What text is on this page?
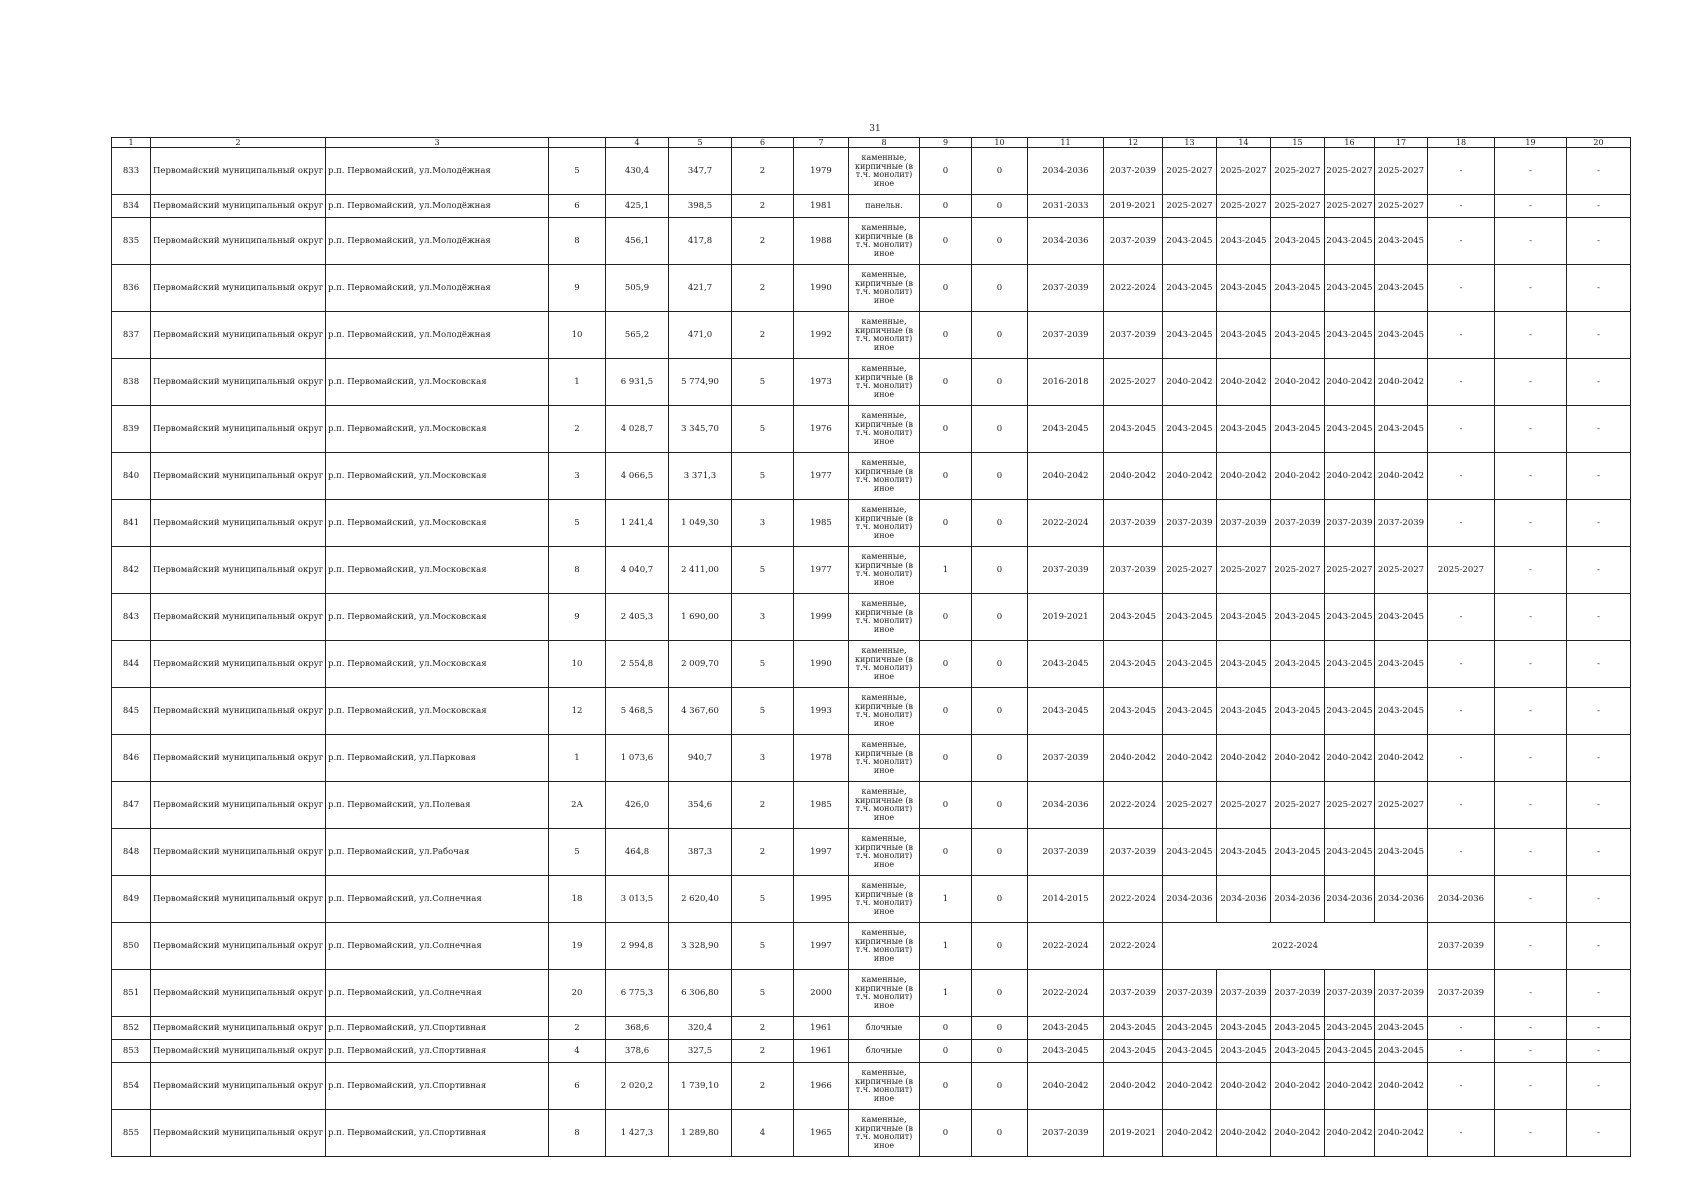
31
1	2	3		4	5	6	7	8	9	10	11	12	13	14	15	16	17	18	19	20
833	Первомайский муниципальный округ	р.п. Первомайский, ул.Молодёжная	5	430,4	347,7	2	1979	каменные, кирпичные (в т.ч. монолит) иное	0	0	2034-2036	2037-2039	2025-2027	2025-2027	2025-2027	2025-2027	2025-2027	-	-	-
834	Первомайский муниципальный округ	р.п. Первомайский, ул.Молодёжная	6	425,1	398,5	2	1981	панельн.	0	0	2031-2033	2019-2021	2025-2027	2025-2027	2025-2027	2025-2027	2025-2027	-	-	-
835	Первомайский муниципальный округ	р.п. Первомайский, ул.Молодёжная	8	456,1	417,8	2	1988	каменные, кирпичные (в т.ч. монолит) иное	0	0	2034-2036	2037-2039	2043-2045	2043-2045	2043-2045	2043-2045	2043-2045	-	-	-
836	Первомайский муниципальный округ	р.п. Первомайский, ул.Молодёжная	9	505,9	421,7	2	1990	каменные, кирпичные (в т.ч. монолит) иное	0	0	2037-2039	2022-2024	2043-2045	2043-2045	2043-2045	2043-2045	2043-2045	-	-	-
837	Первомайский муниципальный округ	р.п. Первомайский, ул.Молодёжная	10	565,2	471,0	2	1992	каменные, кирпичные (в т.ч. монолит) иное	0	0	2037-2039	2037-2039	2043-2045	2043-2045	2043-2045	2043-2045	2043-2045	-	-	-
838	Первомайский муниципальный округ	р.п. Первомайский, ул.Московская	1	6 931,5	5 774,90	5	1973	каменные, кирпичные (в т.ч. монолит) иное	0	0	2016-2018	2025-2027	2040-2042	2040-2042	2040-2042	2040-2042	2040-2042	-	-	-
839	Первомайский муниципальный округ	р.п. Первомайский, ул.Московская	2	4 028,7	3 345,70	5	1976	каменные, кирпичные (в т.ч. монолит) иное	0	0	2043-2045	2043-2045	2043-2045	2043-2045	2043-2045	2043-2045	2043-2045	-	-	-
840	Первомайский муниципальный округ	р.п. Первомайский, ул.Московская	3	4 066,5	3 371,3	5	1977	каменные, кирпичные (в т.ч. монолит) иное	0	0	2040-2042	2040-2042	2040-2042	2040-2042	2040-2042	2040-2042	2040-2042	-	-	-
841	Первомайский муниципальный округ	р.п. Первомайский, ул.Московская	5	1 241,4	1 049,30	3	1985	каменные, кирпичные (в т.ч. монолит) иное	0	0	2022-2024	2037-2039	2037-2039	2037-2039	2037-2039	2037-2039	2037-2039	-	-	-
842	Первомайский муниципальный округ	р.п. Первомайский, ул.Московская	8	4 040,7	2 411,00	5	1977	каменные, кирпичные (в т.ч. монолит) иное	1	0	2037-2039	2037-2039	2025-2027	2025-2027	2025-2027	2025-2027	2025-2027	2025-2027	-	-
843	Первомайский муниципальный округ	р.п. Первомайский, ул.Московская	9	2 405,3	1 690,00	3	1999	каменные, кирпичные (в т.ч. монолит) иное	0	0	2019-2021	2043-2045	2043-2045	2043-2045	2043-2045	2043-2045	2043-2045	-	-	-
844	Первомайский муниципальный округ	р.п. Первомайский, ул.Московская	10	2 554,8	2 009,70	5	1990	каменные, кирпичные (в т.ч. монолит) иное	0	0	2043-2045	2043-2045	2043-2045	2043-2045	2043-2045	2043-2045	2043-2045	-	-	-
845	Первомайский муниципальный округ	р.п. Первомайский, ул.Московская	12	5 468,5	4 367,60	5	1993	каменные, кирпичные (в т.ч. монолит) иное	0	0	2043-2045	2043-2045	2043-2045	2043-2045	2043-2045	2043-2045	2043-2045	-	-	-
846	Первомайский муниципальный округ	р.п. Первомайский, ул.Парковая	1	1 073,6	940,7	3	1978	каменные, кирпичные (в т.ч. монолит) иное	0	0	2037-2039	2040-2042	2040-2042	2040-2042	2040-2042	2040-2042	2040-2042	-	-	-
847	Первомайский муниципальный округ	р.п. Первомайский, ул.Полевая	2А	426,0	354,6	2	1985	каменные, кирпичные (в т.ч. монолит) иное	0	0	2034-2036	2022-2024	2025-2027	2025-2027	2025-2027	2025-2027	2025-2027	-	-	-
848	Первомайский муниципальный округ	р.п. Первомайский, ул.Рабочая	5	464,8	387,3	2	1997	каменные, кирпичные (в т.ч. монолит) иное	0	0	2037-2039	2037-2039	2043-2045	2043-2045	2043-2045	2043-2045	2043-2045	-	-	-
849	Первомайский муниципальный округ	р.п. Первомайский, ул.Солнечная	18	3 013,5	2 620,40	5	1995	каменные, кирпичные (в т.ч. монолит) иное	1	0	2014-2015	2022-2024	2034-2036	2034-2036	2034-2036	2034-2036	2034-2036	2034-2036	-	-
850	Первомайский муниципальный округ	р.п. Первомайский, ул.Солнечная	19	2 994,8	3 328,90	5	1997	каменные, кирпичные (в т.ч. монолит) иное	1	0	2022-2024	2022-2024	2022-2024					2037-2039	-	-
851	Первомайский муниципальный округ	р.п. Первомайский, ул.Солнечная	20	6 775,3	6 306,80	5	2000	каменные, кирпичные (в т.ч. монолит) иное	1	0	2022-2024	2037-2039	2037-2039	2037-2039	2037-2039	2037-2039	2037-2039	2037-2039	-	-
852	Первомайский муниципальный округ	р.п. Первомайский, ул.Спортивная	2	368,6	320,4	2	1961	блочные	0	0	2043-2045	2043-2045	2043-2045	2043-2045	2043-2045	2043-2045	2043-2045	-	-	-
853	Первомайский муниципальный округ	р.п. Первомайский, ул.Спортивная	4	378,6	327,5	2	1961	блочные	0	0	2043-2045	2043-2045	2043-2045	2043-2045	2043-2045	2043-2045	2043-2045	-	-	-
854	Первомайский муниципальный округ	р.п. Первомайский, ул.Спортивная	6	2 020,2	1 739,10	2	1966	каменные, кирпичные (в т.ч. монолит) иное	0	0	2040-2042	2040-2042	2040-2042	2040-2042	2040-2042	2040-2042	2040-2042	-	-	-
855	Первомайский муниципальный округ	р.п. Первомайский, ул.Спортивная	8	1 427,3	1 289,80	4	1965	каменные, кирпичные (в т.ч. монолит) иное	0	0	2037-2039	2019-2021	2040-2042	2040-2042	2040-2042	2040-2042	2040-2042	-	-	-
